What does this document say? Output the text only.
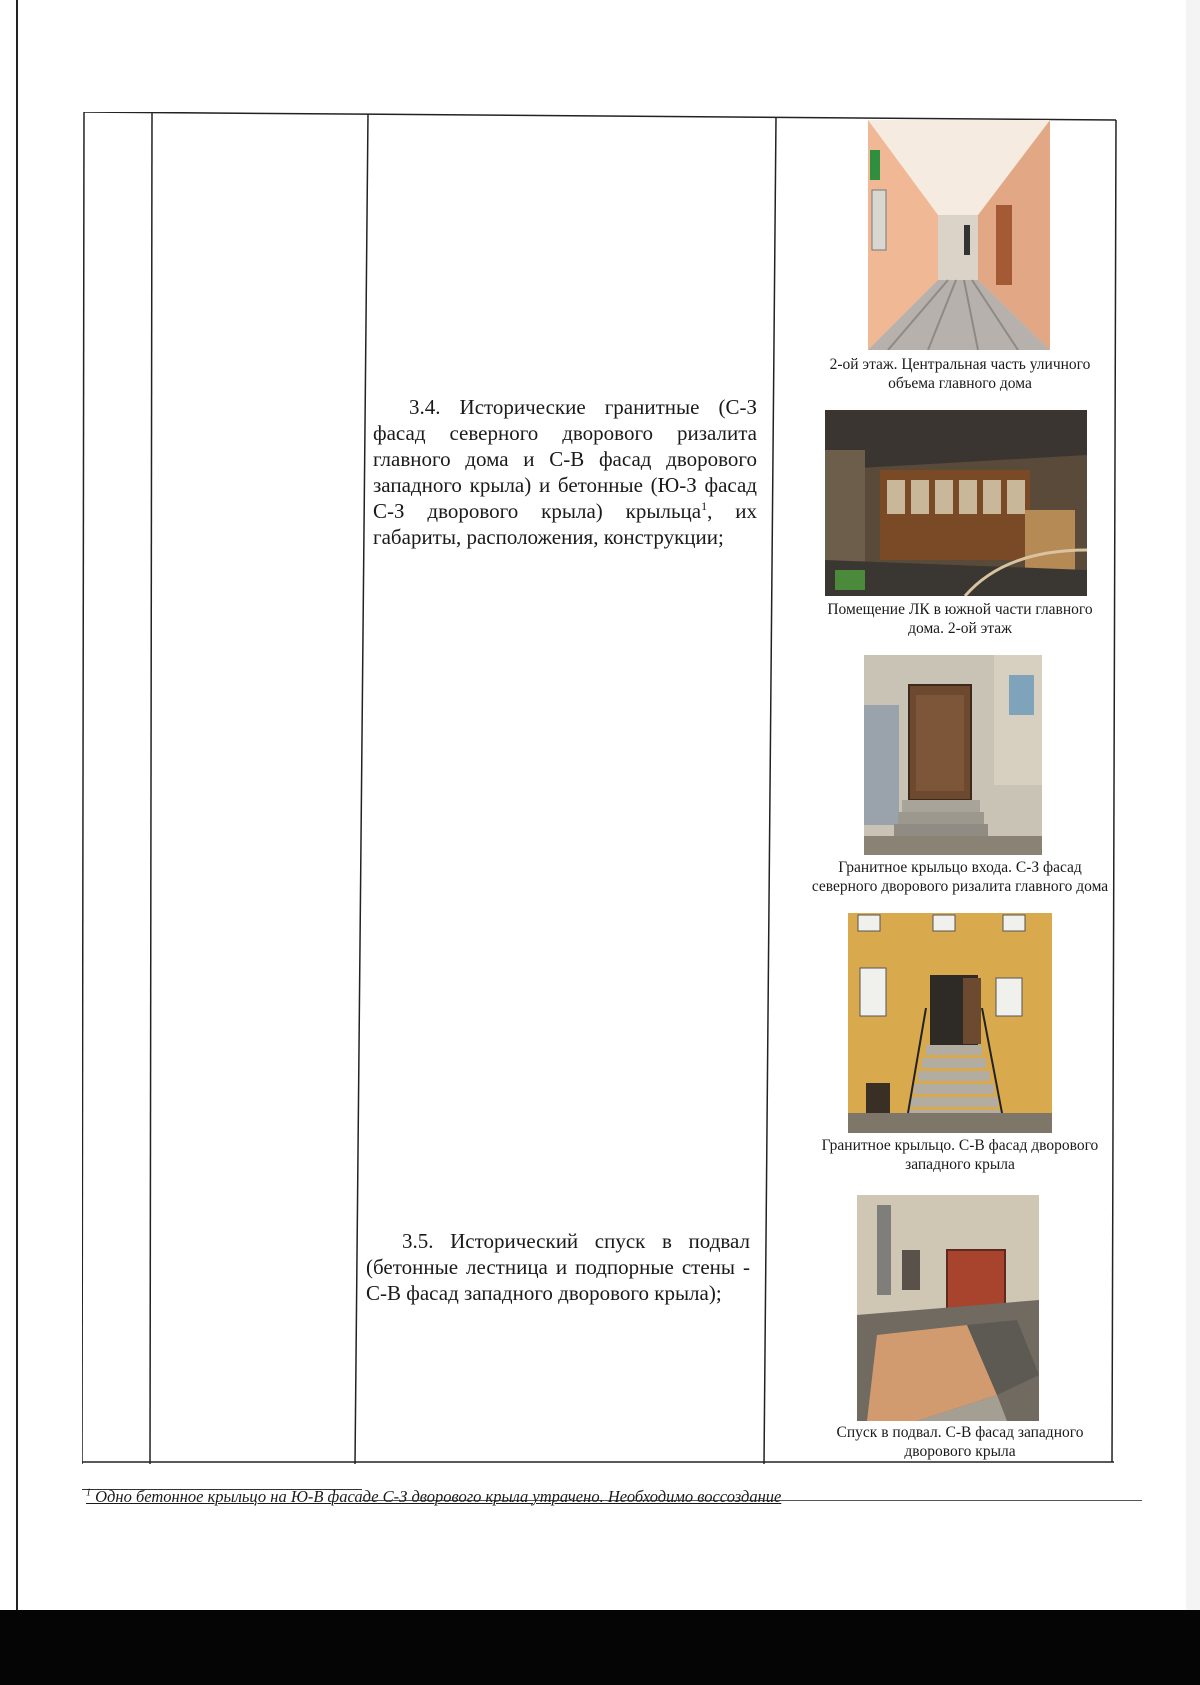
3.4. Исторические гранитные (С-З фасад северного дворового ризалита главного дома и С-В фасад дворового западного крыла) и бетонные (Ю-З фасад С-З дворового крыла) крыльца$^1$, их габариты, расположения, конструкции;

3.5. Исторический спуск в подвал (бетонные лестница и подпорные стены - С-В фасад западного дворового крыла);

2-ой этаж. Центральная часть уличного
объема главного дома
Помещение ЛК в южной части главного
дома. 2-ой этаж
Гранитное крыльцо входа. С-З фасад
северного дворового ризалита главного дома
Гранитное крыльцо. С-В фасад дворового
западного крыла
Спуск в подвал. С-В фасад западного
дворового крыла
$^1$ Одно бетонное крыльцо на Ю-В фасаде С-З дворового крыла утрачено. Необходимо воссоздание
